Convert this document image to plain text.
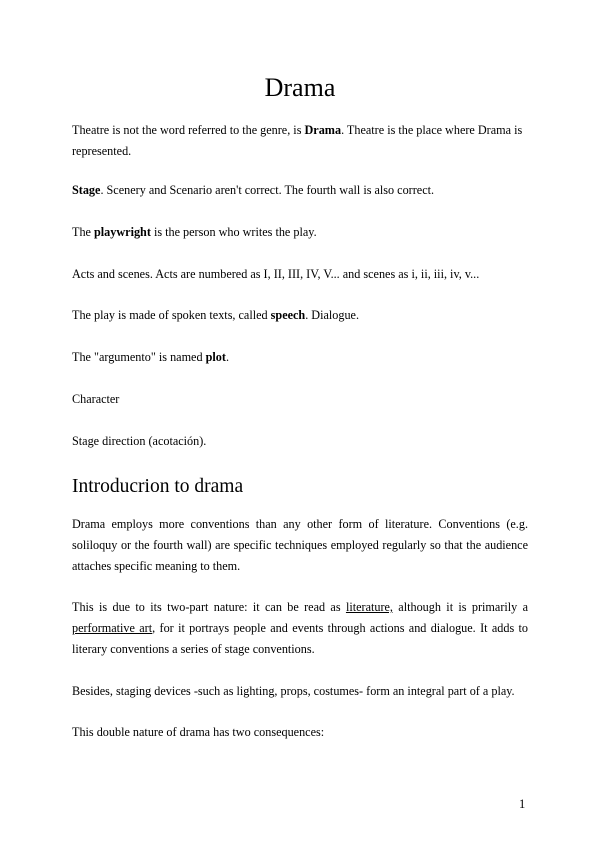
Drama

Theatre is not the word referred to the genre, is Drama. Theatre is the place where Drama is represented.

Stage. Scenery and Scenario aren't correct. The fourth wall is also correct.

The playwright is the person who writes the play.

Acts and scenes. Acts are numbered as I, II, III, IV, V... and scenes as i, ii, iii, iv, v...

The play is made of spoken texts, called speech. Dialogue.

The "argumento" is named plot.

Character

Stage direction (acotación).

Introducrion to drama

Drama employs more conventions than any other form of literature. Conventions (e.g. soliloquy or the fourth wall) are specific techniques employed regularly so that the audience attaches specific meaning to them.

This is due to its two-part nature: it can be read as literature, although it is primarily a performative art, for it portrays people and events through actions and dialogue. It adds to literary conventions a series of stage conventions.

Besides, staging devices -such as lighting, props, costumes- form an integral part of a play.

This double nature of drama has two consequences:

1
